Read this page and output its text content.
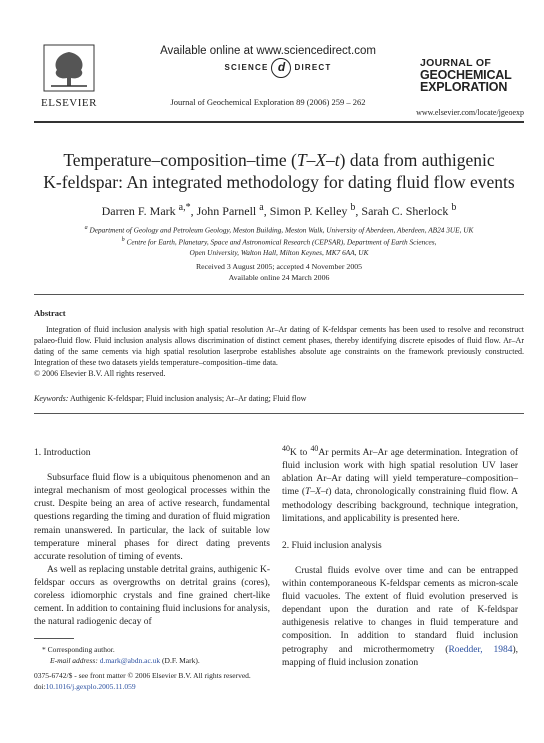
ELSEVIER
Available online at www.sciencedirect.com
SCIENCE d DIRECT
Journal of Geochemical Exploration 89 (2006) 259 – 262
JOURNAL OF
GEOCHEMICAL
EXPLORATION
www.elsevier.com/locate/jgeoexp
Temperature–composition–time (T–X–t) data from authigenic
K-feldspar: An integrated methodology for dating fluid flow events
Darren F. Mark $^{a,*}$, John Parnell $^a$, Simon P. Kelley $^b$, Sarah C. Sherlock $^b$
$^a$ Department of Geology and Petroleum Geology, Meston Building, Meston Walk, University of Aberdeen, Aberdeen, AB24 3UE, UK
$^b$ Centre for Earth, Planetary, Space and Astronomical Research (CEPSAR), Department of Earth Sciences,
Open University, Walton Hall, Milton Keynes, MK7 6AA, UK
Received 3 August 2005; accepted 4 November 2005
Available online 24 March 2006
Abstract
Integration of fluid inclusion analysis with high spatial resolution Ar–Ar dating of K-feldspar cements has been used to resolve and reconstruct palaeo-fluid flow. Fluid inclusion analysis allows discrimination of distinct cement phases, thereby identifying discrete episodes of fluid flow. Ar–Ar dating of the same cements via high spatial resolution laserprobe establishes absolute age constraints on the framework previously constructed. Integration of these two datasets yields temperature–composition–time data.
© 2006 Elsevier B.V. All rights reserved.
Keywords: Authigenic K-feldspar; Fluid inclusion analysis; Ar–Ar dating; Fluid flow
1. Introduction

Subsurface fluid flow is a ubiquitous phenomenon and an integral mechanism of most geological processes within the crust. Despite being an area of active research, fundamental questions regarding the timing and duration of fluid migration remain unanswered. In particular, the lack of suitable low temperature mineral phases for direct dating prevents accurate resolution of timing of events.

As well as replacing unstable detrital grains, authigenic K-feldspar occurs as overgrowths on detrital grains (cores), coreless idiomorphic crystals and fine grained chert-like cement. In addition to containing fluid inclusions for analysis, the natural radiogenic decay of

$^{40}$K to $^{40}$Ar permits Ar–Ar age determination. Integration of fluid inclusion work with high spatial resolution UV laser ablation Ar–Ar dating will yield temperature–composition–time (T–X–t) data, chronologically constraining fluid flow. A methodology describing background, technique integration, limitations, and applicability is presented here.

2. Fluid inclusion analysis

Crustal fluids evolve over time and can be entrapped within contemporaneous K-feldspar cements as micron-scale fluid vacuoles. The extent of fluid evolution preserved is dependant upon the duration and rate of K-feldspar authigenesis relative to changes in fluid temperature and composition. In addition to standard fluid inclusion petrography and microthermometry (Roedder, 1984), mapping of fluid inclusion zonation

* Corresponding author.
E-mail address: d.mark@abdn.ac.uk (D.F. Mark).
0375-6742/$ - see front matter © 2006 Elsevier B.V. All rights reserved.
doi:10.1016/j.gexplo.2005.11.059
